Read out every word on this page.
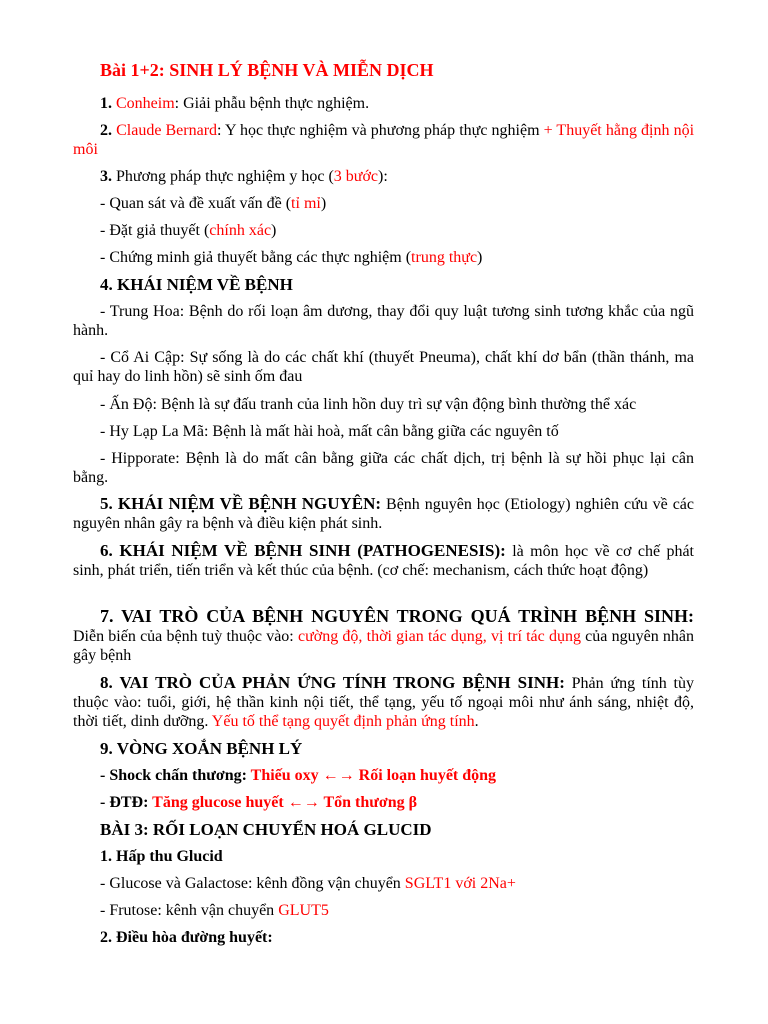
Bài 1+2: SINH LÝ BỆNH VÀ MIỄN DỊCH
1. Conheim: Giải phẫu bệnh thực nghiệm.
2. Claude Bernard: Y học thực nghiệm và phương pháp thực nghiệm + Thuyết hằng định nội môi
3. Phương pháp thực nghiệm y học (3 bước):
- Quan sát và đề xuất vấn đề (tỉ mỉ)
- Đặt giả thuyết (chính xác)
- Chứng minh giả thuyết bằng các thực nghiệm (trung thực)
4. KHÁI NIỆM VỀ BỆNH
- Trung Hoa: Bệnh do rối loạn âm dương, thay đổi quy luật tương sinh tương khắc của ngũ hành.
- Cổ Ai Cập: Sự sống là do các chất khí (thuyết Pneuma), chất khí dơ bẩn (thần thánh, ma quỉ hay do linh hồn) sẽ sinh ốm đau
- Ấn Độ: Bệnh là sự đấu tranh của linh hồn duy trì sự vận động bình thường thể xác
- Hy Lạp La Mã: Bệnh là mất hài hoà, mất cân bằng giữa các nguyên tố
- Hipporate: Bệnh là do mất cân bằng giữa các chất dịch, trị bệnh là sự hồi phục lại cân bằng.
5. KHÁI NIỆM VỀ BỆNH NGUYÊN: Bệnh nguyên học (Etiology) nghiên cứu về các nguyên nhân gây ra bệnh và điều kiện phát sinh.
6. KHÁI NIỆM VỀ BỆNH SINH (PATHOGENESIS): là môn học về cơ chế phát sinh, phát triển, tiến triển và kết thúc của bệnh. (cơ chế: mechanism, cách thức hoạt động)
7. VAI TRÒ CỦA BỆNH NGUYÊN TRONG QUÁ TRÌNH BỆNH SINH: Diễn biến của bệnh tuỳ thuộc vào: cường độ, thời gian tác dụng, vị trí tác dụng của nguyên nhân gây bệnh
8. VAI TRÒ CỦA PHẢN ỨNG TÍNH TRONG BỆNH SINH: Phản ứng tính tùy thuộc vào: tuổi, giới, hệ thần kinh nội tiết, thể tạng, yếu tố ngoại môi như ánh sáng, nhiệt độ, thời tiết, dinh dưỡng. Yếu tố thể tạng quyết định phản ứng tính.
9. VÒNG XOẮN BỆNH LÝ
- Shock chấn thương: Thiếu oxy ←→ Rối loạn huyết động
- ĐTĐ: Tăng glucose huyết ←→ Tổn thương β
BÀI 3: RỐI LOẠN CHUYỂN HOÁ GLUCID
1. Hấp thu Glucid
- Glucose và Galactose: kênh đồng vận chuyển SGLT1 với 2Na+
- Frutose: kênh vận chuyển GLUT5
2. Điều hòa đường huyết:
